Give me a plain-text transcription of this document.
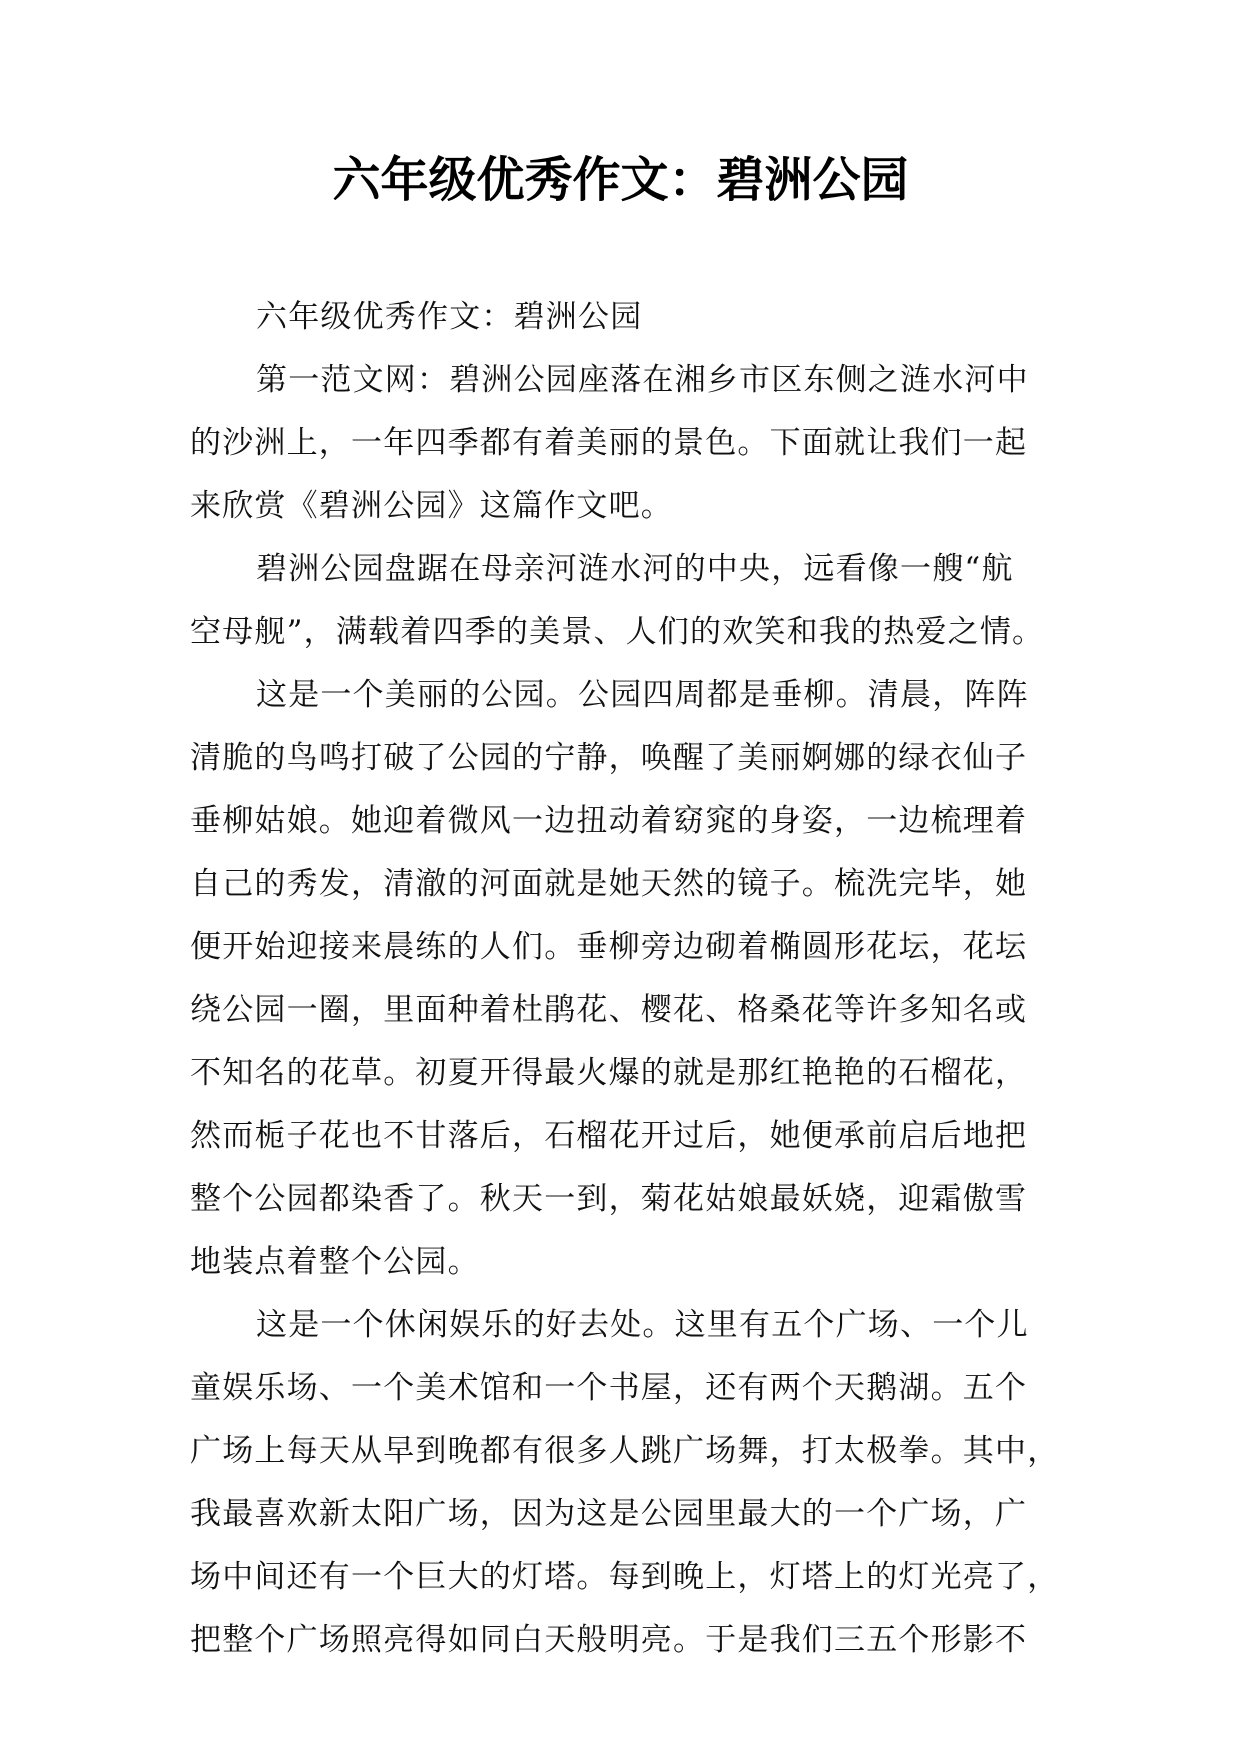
六年级优秀作文：碧洲公园
六年级优秀作文：碧洲公园
第一范文网：碧洲公园座落在湘乡市区东侧之涟水河中
的沙洲上，一年四季都有着美丽的景色。下面就让我们一起
来欣赏《碧洲公园》这篇作文吧。
碧洲公园盘踞在母亲河涟水河的中央，远看像一艘“航
空母舰”，满载着四季的美景、人们的欢笑和我的热爱之情。
这是一个美丽的公园。公园四周都是垂柳。清晨，阵阵
清脆的鸟鸣打破了公园的宁静，唤醒了美丽婀娜的绿衣仙子
垂柳姑娘。她迎着微风一边扭动着窈窕的身姿，一边梳理着
自己的秀发，清澈的河面就是她天然的镜子。梳洗完毕，她
便开始迎接来晨练的人们。垂柳旁边砌着椭圆形花坛，花坛
绕公园一圈，里面种着杜鹃花、樱花、格桑花等许多知名或
不知名的花草。初夏开得最火爆的就是那红艳艳的石榴花，
然而栀子花也不甘落后，石榴花开过后，她便承前启后地把
整个公园都染香了。秋天一到，菊花姑娘最妖娆，迎霜傲雪
地装点着整个公园。
这是一个休闲娱乐的好去处。这里有五个广场、一个儿
童娱乐场、一个美术馆和一个书屋，还有两个天鹅湖。五个
广场上每天从早到晚都有很多人跳广场舞，打太极拳。其中，
我最喜欢新太阳广场，因为这是公园里最大的一个广场，广
场中间还有一个巨大的灯塔。每到晚上，灯塔上的灯光亮了，
把整个广场照亮得如同白天般明亮。于是我们三五个形影不
